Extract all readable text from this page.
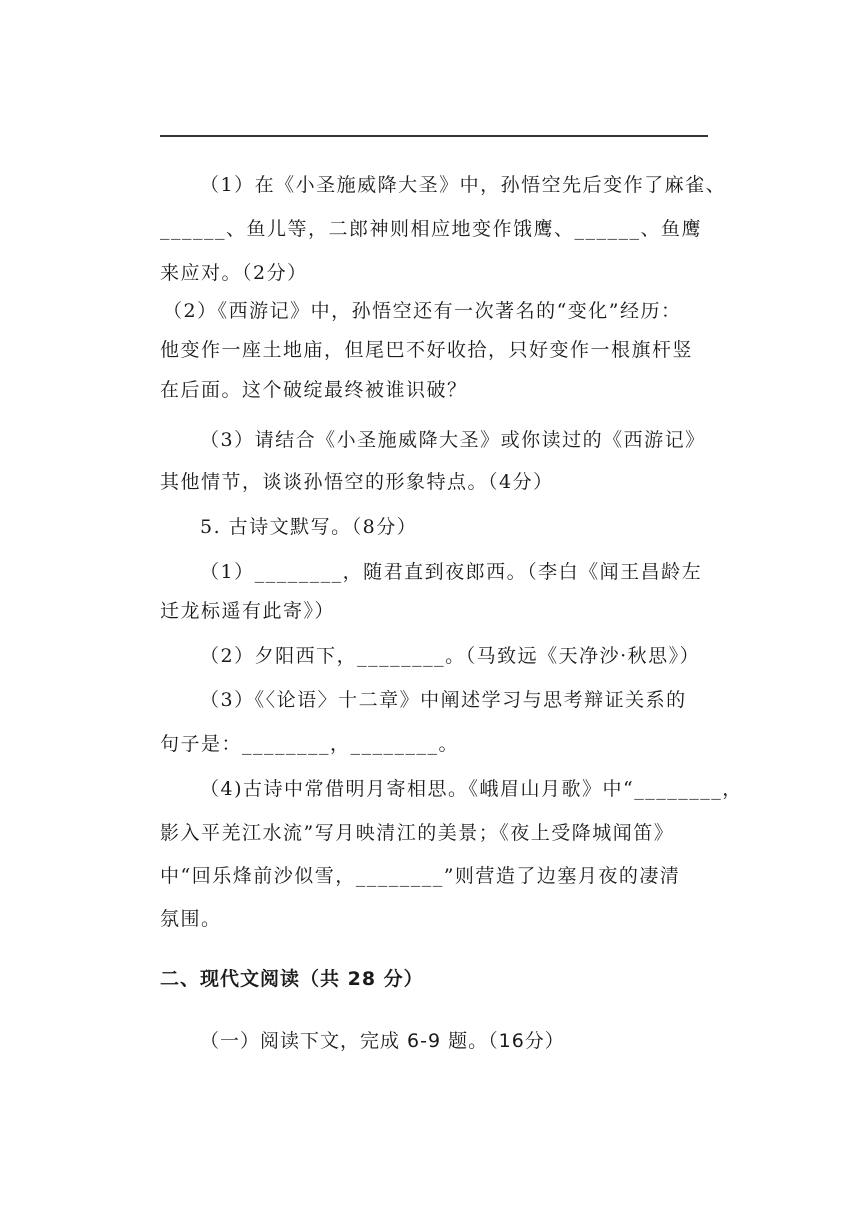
（1）在《小圣施威降大圣》中，孙悟空先后变作了麻雀、
______、鱼儿等，二郎神则相应地变作饿鹰、______、鱼鹰
来应对。（2分）
（2）《西游记》中，孙悟空还有一次著名的“变化”经历：
他变作一座土地庙，但尾巴不好收拾，只好变作一根旗杆竖
在后面。这个破绽最终被谁识破？
（3）请结合《小圣施威降大圣》或你读过的《西游记》
其他情节，谈谈孙悟空的形象特点。（4分）
5. 古诗文默写。（8分）
（1）________，随君直到夜郎西。（李白《闻王昌龄左
迁龙标遥有此寄》）
（2）夕阳西下，________。（马致远《天净沙·秋思》）
（3）《〈论语〉十二章》中阐述学习与思考辩证关系的
句子是：________，________。
（4)古诗中常借明月寄相思。《峨眉山月歌》中“________，
影入平羌江水流”写月映清江的美景；《夜上受降城闻笛》
中“回乐烽前沙似雪，________”则营造了边塞月夜的凄清
氛围。
二、现代文阅读（共 28 分）
（一）阅读下文，完成 6-9 题。（16分）
